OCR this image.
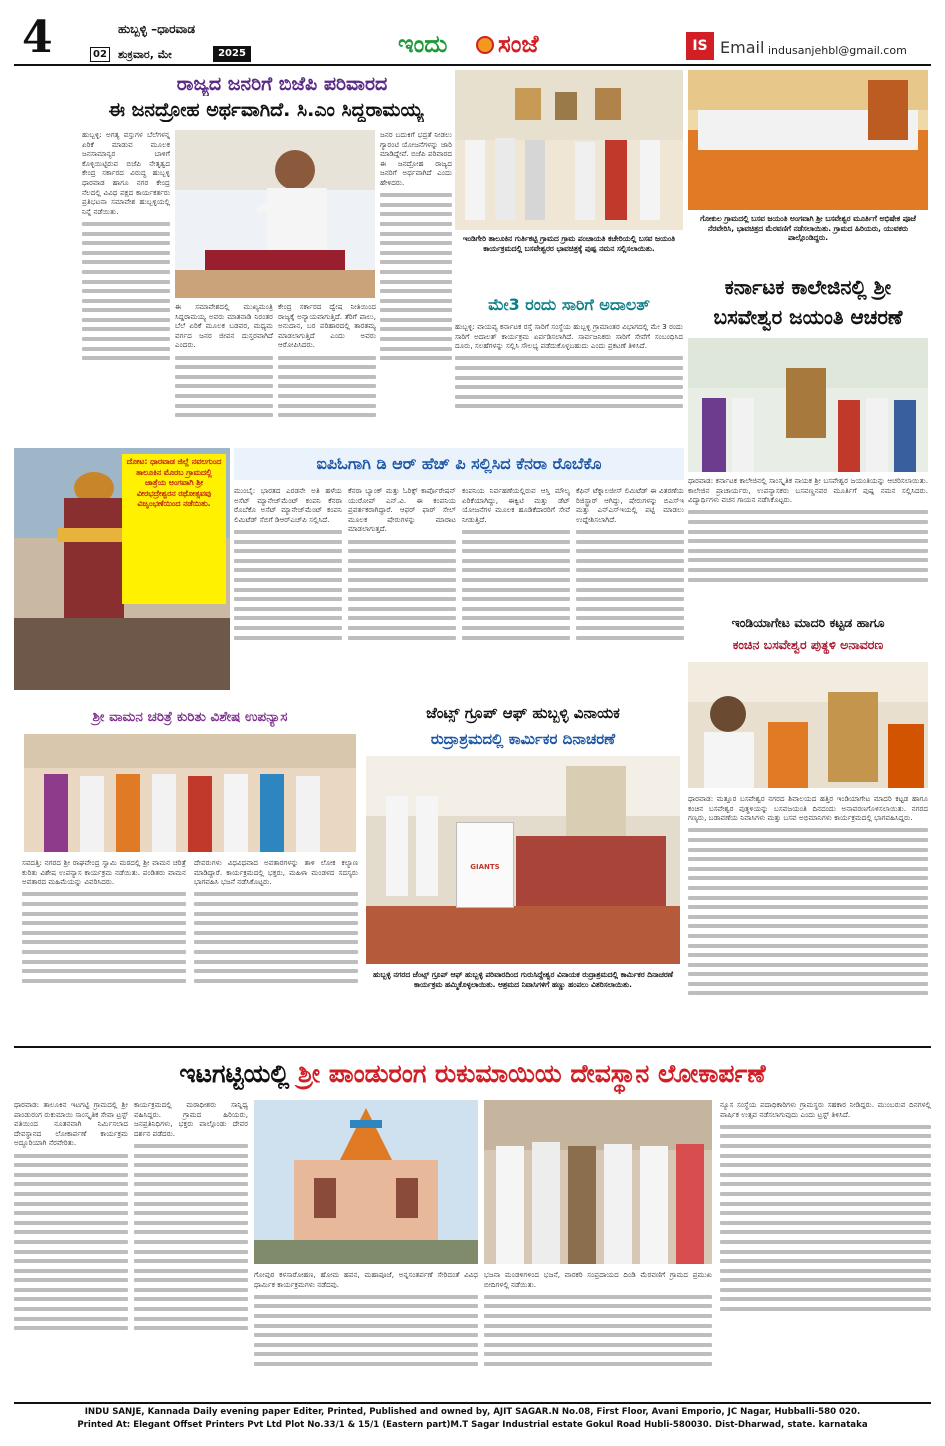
4	ಹುಬ್ಬಳ್ಳಿ –ಧಾರವಾಡ
02 ಶುಕ್ರವಾರ, ಮೇ	2025	ಇಂದು ಸಂಜೆ	IS Email indusanjehbl@gmail.com
ರಾಜ್ಯದ ಜನರಿಗೆ ಬಿಜೆಪಿ ಪರಿವಾರದ
ಈ ಜನದ್ರೋಹ ಅರ್ಥವಾಗಿದೆ. ಸಿ.ಎಂ ಸಿದ್ದರಾಮಯ್ಯ
ಹುಬ್ಬಳ್ಳಿ: ಅಗತ್ಯ ವಸ್ತುಗಳ ಬೆಲೆಗಳನ್ನ ಏರಿಕೆ ಮಾಡುವ ಮೂಲಕ ಜನಸಾಮಾನ್ಯರ ಬಾಳಿಗೆ ಕೊಳ್ಳಿಯಿಟ್ಟಿರುವ ಬಿಜೆಪಿ ನೇತೃತ್ವದ ಕೇಂದ್ರ ಸರ್ಕಾರದ ವಿರುದ್ಧ ಹುಬ್ಬಳ್ಳಿ ಧಾರವಾಡ ಹಾಗೂ ನಗರ ಕೇಂದ್ರ ನೆಲದಲ್ಲಿ ವಿವಿಧ ಪಕ್ಷದ ಕಾರ್ಯಕರ್ತರು ಪ್ರತಿಭಟನಾ ಸಮಾವೇಶ ಹುಬ್ಬಳ್ಳಿಯಲ್ಲಿ ನಿನ್ನೆ ನಡೆಯಿತು.
ಈ ಸಮಾವೇಶದಲ್ಲಿ ಮುಖ್ಯಮಂತ್ರಿ ಸಿದ್ದರಾಮಯ್ಯ ಅವರು ಮಾತನಾಡಿ ನಿರಂತರ ಬೆಲೆ ಏರಿಕೆ ಮೂಲಕ ಬಡವರ, ಮಧ್ಯಮ ವರ್ಗದ ಜನರ ಜೀವನ ದುಸ್ತರವಾಗಿದೆ ಎಂದರು.
ಕೇಂದ್ರ ಸರ್ಕಾರದ ದ್ವೇಷ ನೀತಿಯಿಂದ ರಾಜ್ಯಕ್ಕೆ ಅನ್ಯಾಯವಾಗುತ್ತಿದೆ. ತೆರಿಗೆ ಪಾಲು, ಅನುದಾನ, ಬರ ಪರಿಹಾರದಲ್ಲಿ ತಾರತಮ್ಯ ಮಾಡಲಾಗುತ್ತಿದೆ ಎಂದು ಅವರು ಆರೋಪಿಸಿದರು.
ಜನರ ಬದುಕಿಗೆ ಭದ್ರತೆ ನೀಡಲು ಗ್ಯಾರಂಟಿ ಯೋಜನೆಗಳನ್ನು ಜಾರಿ ಮಾಡಿದ್ದೇವೆ. ಬಿಜೆಪಿ ಪರಿವಾರದ ಈ ಜನದ್ರೋಹ ರಾಜ್ಯದ ಜನರಿಗೆ ಅರ್ಥವಾಗಿದೆ ಎಂದು ಹೇಳಿದರು.
ಇಂಡಿಗೇರಿ ತಾಲೂಕಿನ ಗುರ್ತಿಕಟ್ಟಿ ಗ್ರಾಮದ ಗ್ರಾಮ ಪಂಚಾಯತಿ ಕಚೇರಿಯಲ್ಲಿ ಬಸವ ಜಯಂತಿ ಕಾರ್ಯಕ್ರಮದಲ್ಲಿ ಬಸವೇಶ್ವರರ ಭಾವಚಿತ್ರಕ್ಕೆ ಪುಷ್ಪ ನಮನ ಸಲ್ಲಿಸಲಾಯಿತು.
ಮೇ3 ರಂದು ಸಾರಿಗೆ ಅದಾಲತ್
ಹುಬ್ಬಳ್ಳಿ: ವಾಯವ್ಯ ಕರ್ನಾಟಕ ರಸ್ತೆ ಸಾರಿಗೆ ಸಂಸ್ಥೆಯ ಹುಬ್ಬಳ್ಳಿ ಗ್ರಾಮಾಂತರ ವಿಭಾಗದಲ್ಲಿ ಮೇ 3 ರಂದು ಸಾರಿಗೆ ಅದಾಲತ್ ಕಾರ್ಯಕ್ರಮ ಏರ್ಪಡಿಸಲಾಗಿದೆ. ಸಾರ್ವಜನಿಕರು ಸಾರಿಗೆ ಸೇವೆಗೆ ಸಂಬಂಧಿಸಿದ ದೂರು, ಸಲಹೆಗಳನ್ನು ಸಲ್ಲಿಸಿ ಸೌಲಭ್ಯ ಪಡೆದುಕೊಳ್ಳಬಹುದು ಎಂದು ಪ್ರಕಟಣೆ ತಿಳಿಸಿದೆ.
ಗೋಕುಲ ಗ್ರಾಮದಲ್ಲಿ ಬಸವ ಜಯಂತಿ ಅಂಗವಾಗಿ ಶ್ರೀ ಬಸವೇಶ್ವರ ಮೂರ್ತಿಗೆ ಅಭಿಷೇಕ ಪೂಜೆ ನೆರವೇರಿಸಿ, ಭಾವಚಿತ್ರದ ಮೆರವಣಿಗೆ ನಡೆಸಲಾಯಿತು. ಗ್ರಾಮದ ಹಿರಿಯರು, ಯುವಕರು ಪಾಲ್ಗೊಂಡಿದ್ದರು.
ಕರ್ನಾಟಕ ಕಾಲೇಜಿನಲ್ಲಿ ಶ್ರೀ ಬಸವೇಶ್ವರ ಜಯಂತಿ ಆಚರಣೆ
ಧಾರವಾಡ: ಕರ್ನಾಟಕ ಕಾಲೇಜಿನಲ್ಲಿ ಸಾಂಸ್ಕೃತಿಕ ನಾಯಕ ಶ್ರೀ ಬಸವೇಶ್ವರ ಜಯಂತಿಯನ್ನು ಆಚರಿಸಲಾಯಿತು. ಕಾಲೇಜಿನ ಪ್ರಾಚಾರ್ಯರು, ಉಪನ್ಯಾಸಕರು ಬಸವಣ್ಣನವರ ಮೂರ್ತಿಗೆ ಪುಷ್ಪ ನಮನ ಸಲ್ಲಿಸಿದರು. ವಿದ್ಯಾರ್ಥಿಗಳು ವಚನ ಗಾಯನ ನಡೆಸಿಕೊಟ್ಟರು.
ದೋಟ: ಧಾರವಾಡ ಜಿಲ್ಲೆ ನವಲಗುಂದ ತಾಲೂಕಿನ ಮೊರಬ ಗ್ರಾಮದಲ್ಲಿ ಜಾತ್ರೆಯ ಅಂಗವಾಗಿ ಶ್ರೀ ವೀರಭದ್ರೇಶ್ವರನ ರಥೋತ್ಸವವು ವಿಜೃಂಭಣೆಯಿಂದ ನಡೆಯಿತು.
ಐಪಿಓಗಾಗಿ ಡಿ ಆರ್ ಹೆಚ್ ಪಿ ಸಲ್ಲಿಸಿದ ಕೆನರಾ ರೊಬೆಕೊ
ಮುಂಬೈ: ಭಾರತದ ಎರಡನೇ ಅತಿ ಹಳೆಯ ಅಸೆಟ್ ಮ್ಯಾನೇಜ್‌ಮೆಂಟ್ ಕಂಪನಿ ಕೆನರಾ ರೊಬೆಕೊ ಅಸೆಟ್ ಮ್ಯಾನೇಜ್‌ಮೆಂಟ್ ಕಂಪನಿ ಲಿಮಿಟೆಡ್ ಸೆಬಿಗೆ ಡಿಆರ್‌ಎಚ್‌ಪಿ ಸಲ್ಲಿಸಿದೆ.
ಕೆನರಾ ಬ್ಯಾಂಕ್ ಮತ್ತು ಓರಿಕ್ಸ್ ಕಾರ್ಪೊರೇಷನ್ ಯುರೋಪ್ ಎನ್.ವಿ. ಈ ಕಂಪನಿಯ ಪ್ರವರ್ತಕರಾಗಿದ್ದಾರೆ. ಆಫರ್ ಫಾರ್ ಸೇಲ್ ಮೂಲಕ ಷೇರುಗಳನ್ನು ಮಾರಾಟ ಮಾಡಲಾಗುತ್ತದೆ.
ಕಂಪನಿಯ ನಿರ್ವಹಣೆಯಲ್ಲಿರುವ ಆಸ್ತಿ ಮೌಲ್ಯ ಏರಿಕೆಯಾಗಿದ್ದು, ಈಕ್ವಿಟಿ ಮತ್ತು ಡೆಟ್ ಯೋಜನೆಗಳ ಮೂಲಕ ಹೂಡಿಕೆದಾರರಿಗೆ ಸೇವೆ ನೀಡುತ್ತಿದೆ.
ಕೆಫಿನ್ ಟೆಕ್ನಾಲಜೀಸ್ ಲಿಮಿಟೆಡ್ ಈ ವಿತರಣೆಯ ರಿಜಿಸ್ಟ್ರಾರ್ ಆಗಿದ್ದು, ಷೇರುಗಳನ್ನು ಬಿಎಸ್‌ಇ ಮತ್ತು ಎನ್‌ಎಸ್‌ಇಯಲ್ಲಿ ಪಟ್ಟಿ ಮಾಡಲು ಉದ್ದೇಶಿಸಲಾಗಿದೆ.
ಇಂಡಿಯಾಗೇಟ ಮಾದರಿ ಕಟ್ಟಡ ಹಾಗೂ
ಕಂಚಿನ ಬಸವೇಶ್ವರ ಪುತ್ಥಳಿ ಅನಾವರಣ
ಧಾರವಾಡ: ಮತ್ತೂರ ಬಸವೇಶ್ವರ ನಗರದ ಶಿವಾಲಯದ ಹತ್ತಿರ ಇಂಡಿಯಾಗೇಟ ಮಾದರಿ ಕಟ್ಟಡ ಹಾಗೂ ಕಂಚಿನ ಬಸವೇಶ್ವರ ಪುತ್ಥಳಿಯನ್ನು ಬಸವಜಯಂತಿ ದಿನದಂದು ಅನಾವರಣಗೊಳಿಸಲಾಯಿತು. ನಗರದ ಗಣ್ಯರು, ಬಡಾವಣೆಯ ನಿವಾಸಿಗಳು ಮತ್ತು ಬಸವ ಅಭಿಮಾನಿಗಳು ಕಾರ್ಯಕ್ರಮದಲ್ಲಿ ಭಾಗವಹಿಸಿದ್ದರು.
ಶ್ರೀ ವಾಮನ ಚರಿತ್ರೆ ಕುರಿತು ವಿಶೇಷ ಉಪನ್ಯಾಸ
ಸವದತ್ತಿ: ನಗರದ ಶ್ರೀ ರಾಘವೇಂದ್ರ ಸ್ವಾಮಿ ಮಠದಲ್ಲಿ ಶ್ರೀ ವಾಮನ ಚರಿತ್ರೆ ಕುರಿತು ವಿಶೇಷ ಉಪನ್ಯಾಸ ಕಾರ್ಯಕ್ರಮ ನಡೆಯಿತು. ಪಂಡಿತರು ವಾಮನ ಅವತಾರದ ಮಹಿಮೆಯನ್ನು ವಿವರಿಸಿದರು.
ದೇವರುಗಳು ವಿಧವಿಧವಾದ ಅವತಾರಗಳನ್ನು ತಾಳಿ ಲೋಕ ಕಲ್ಯಾಣ ಮಾಡಿದ್ದಾರೆ. ಕಾರ್ಯಕ್ರಮದಲ್ಲಿ ಭಕ್ತರು, ಮಹಿಳಾ ಮಂಡಳದ ಸದಸ್ಯರು ಭಾಗವಹಿಸಿ ಭಜನೆ ನಡೆಸಿಕೊಟ್ಟರು.
ಜೆಂಟ್ಸ್ ಗ್ರೂಪ್ ಆಫ್ ಹುಬ್ಬಳ್ಳಿ ವಿನಾಯಕ
ರುದ್ರಾಶ್ರಮದಲ್ಲಿ ಕಾರ್ಮಿಕರ ದಿನಾಚರಣೆ
GIANTS
ಹುಬ್ಬಳ್ಳಿ ನಗರದ ಜೆಂಟ್ಸ್ ಗ್ರೂಪ್ ಆಫ್ ಹುಬ್ಬಳ್ಳಿ ಪರಿವಾರದಿಂದ ಗುರುಸಿದ್ದೇಶ್ವರ ವಿನಾಯಕ ರುದ್ರಾಶ್ರಮದಲ್ಲಿ ಕಾರ್ಮಿಕರ ದಿನಾಚರಣೆ ಕಾರ್ಯಕ್ರಮ ಹಮ್ಮಿಕೊಳ್ಳಲಾಯಿತು. ಆಶ್ರಮದ ನಿವಾಸಿಗಳಿಗೆ ಹಣ್ಣು ಹಂಪಲು ವಿತರಿಸಲಾಯಿತು.
ಇಟಗಟ್ಟಿಯಲ್ಲಿ ಶ್ರೀ ಪಾಂಡುರಂಗ ರುಕುಮಾಯಿಯ ದೇವಸ್ಥಾನ ಲೋಕಾರ್ಪಣೆ
ಧಾರವಾಡ: ತಾಲೂಕಿನ ಇಟಗಟ್ಟಿ ಗ್ರಾಮದಲ್ಲಿ ಶ್ರೀ ಪಾಂಡುರಂಗ ರುಕುಮಾಯಿ ಸಾಂಸ್ಕೃತಿಕ ಸೇವಾ ಟ್ರಸ್ಟ್ ವತಿಯಿಂದ ನೂತನವಾಗಿ ನಿರ್ಮಿಸಲಾದ ದೇವಸ್ಥಾನದ ಲೋಕಾರ್ಪಣೆ ಕಾರ್ಯಕ್ರಮ ಅದ್ದೂರಿಯಾಗಿ ನೆರವೇರಿತು.
ಕಾರ್ಯಕ್ರಮದಲ್ಲಿ ಮಠಾಧೀಶರು ಸಾನ್ನಿಧ್ಯ ವಹಿಸಿದ್ದರು. ಗ್ರಾಮದ ಹಿರಿಯರು, ಜನಪ್ರತಿನಿಧಿಗಳು, ಭಕ್ತರು ಪಾಲ್ಗೊಂಡು ದೇವರ ದರ್ಶನ ಪಡೆದರು.
ಗೋಪುರ ಕಳಸಾರೋಹಣ, ಹೋಮ ಹವನ, ಮಹಾಪೂಜೆ, ಅನ್ನಸಂತರ್ಪಣೆ ಸೇರಿದಂತೆ ವಿವಿಧ ಧಾರ್ಮಿಕ ಕಾರ್ಯಕ್ರಮಗಳು ನಡೆದವು.
ಭಜನಾ ಮಂಡಳಿಗಳಿಂದ ಭಜನೆ, ವಾರಕರಿ ಸಂಪ್ರದಾಯದ ದಿಂಡಿ ಮೆರವಣಿಗೆ ಗ್ರಾಮದ ಪ್ರಮುಖ ಬೀದಿಗಳಲ್ಲಿ ನಡೆಯಿತು.
ನ್ಯೂಸ ಸಂಸ್ಥೆಯ ಪದಾಧಿಕಾರಿಗಳು ಗ್ರಾಮಸ್ಥರು ಸಹಕಾರ ನೀಡಿದ್ದರು. ಮುಂಬರುವ ದಿನಗಳಲ್ಲಿ ವಾರ್ಷಿಕ ಉತ್ಸವ ನಡೆಸಲಾಗುವುದು ಎಂದು ಟ್ರಸ್ಟ್ ತಿಳಿಸಿದೆ.
INDU SANJE, Kannada Daily evening paper Editer, Printed, Published and owned by, AJIT SAGAR.N No.08, First Floor, Avani Emporio, JC Nagar, Hubballi-580 020.
Printed At: Elegant Offset Printers Pvt Ltd Plot No.33/1 & 15/1 (Eastern part)M.T Sagar Industrial estate Gokul Road Hubli-580030. Dist-Dharwad, state. karnataka
